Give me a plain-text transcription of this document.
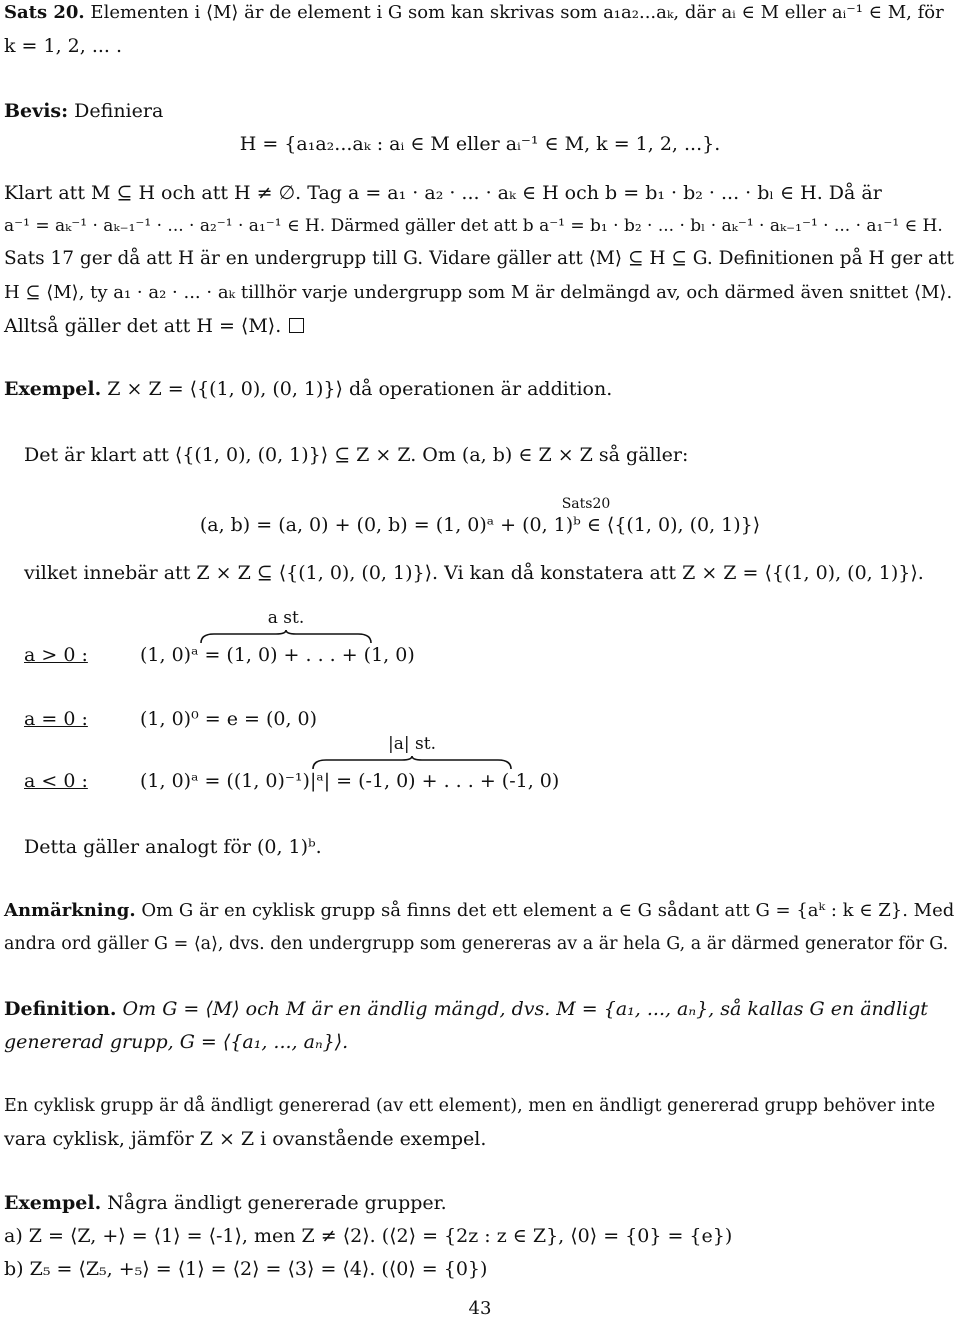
Sats 20. Elementen i ⟨M⟩ är de element i G som kan skrivas som a₁a₂...aₖ, där aᵢ ∈ M eller aᵢ⁻¹ ∈ M, för
k = 1, 2, ... .
Bevis: Definiera
H = {a₁a₂...aₖ : aᵢ ∈ M eller aᵢ⁻¹ ∈ M, k = 1, 2, ...}.
Klart att M ⊆ H och att H ≠ ∅. Tag a = a₁ · a₂ · ... · aₖ ∈ H och b = b₁ · b₂ · ... · bₗ ∈ H. Då är
a⁻¹ = aₖ⁻¹ · aₖ₋₁⁻¹ · ... · a₂⁻¹ · a₁⁻¹ ∈ H. Därmed gäller det att b a⁻¹ = b₁ · b₂ · ... · bₗ · aₖ⁻¹ · aₖ₋₁⁻¹ · ... · a₁⁻¹ ∈ H.
Sats 17 ger då att H är en undergrupp till G. Vidare gäller att ⟨M⟩ ⊆ H ⊆ G. Definitionen på H ger att
H ⊆ ⟨M⟩, ty a₁ · a₂ · ... · aₖ tillhör varje undergrupp som M är delmängd av, och därmed även snittet ⟨M⟩.
Alltså gäller det att H = ⟨M⟩.
Exempel. Z × Z = ⟨{(1, 0), (0, 1)}⟩ då operationen är addition.
Det är klart att ⟨{(1, 0), (0, 1)}⟩ ⊆ Z × Z. Om (a, b) ∈ Z × Z så gäller:
Sats20
(a, b) = (a, 0) + (0, b) = (1, 0)ᵃ + (0, 1)ᵇ ∈ ⟨{(1, 0), (0, 1)}⟩
vilket innebär att Z × Z ⊆ ⟨{(1, 0), (0, 1)}⟩. Vi kan då konstatera att Z × Z = ⟨{(1, 0), (0, 1)}⟩.
a st.
a > 0 :	(1, 0)ᵃ = (1, 0) + . . . + (1, 0)
a = 0 :	(1, 0)⁰ = e = (0, 0)
|a| st.
a < 0 :	(1, 0)ᵃ = ((1, 0)⁻¹)|ᵃ| = (-1, 0) + . . . + (-1, 0)
Detta gäller analogt för (0, 1)ᵇ.
Anmärkning. Om G är en cyklisk grupp så finns det ett element a ∈ G sådant att G = {aᵏ : k ∈ Z}. Med
andra ord gäller G = ⟨a⟩, dvs. den undergrupp som genereras av a är hela G, a är därmed generator för G.
Definition. Om G = ⟨M⟩ och M är en ändlig mängd, dvs. M = {a₁, ..., aₙ}, så kallas G en ändligt
genererad grupp, G = ⟨{a₁, ..., aₙ}⟩.
En cyklisk grupp är då ändligt genererad (av ett element), men en ändligt genererad grupp behöver inte
vara cyklisk, jämför Z × Z i ovanstående exempel.
Exempel. Några ändligt genererade grupper.
a) Z = ⟨Z, +⟩ = ⟨1⟩ = ⟨-1⟩, men Z ≠ ⟨2⟩. (⟨2⟩ = {2z : z ∈ Z}, ⟨0⟩ = {0} = {e})
b) Z₅ = ⟨Z₅, +₅⟩ = ⟨1⟩ = ⟨2⟩ = ⟨3⟩ = ⟨4⟩. (⟨0⟩ = {0})
43
